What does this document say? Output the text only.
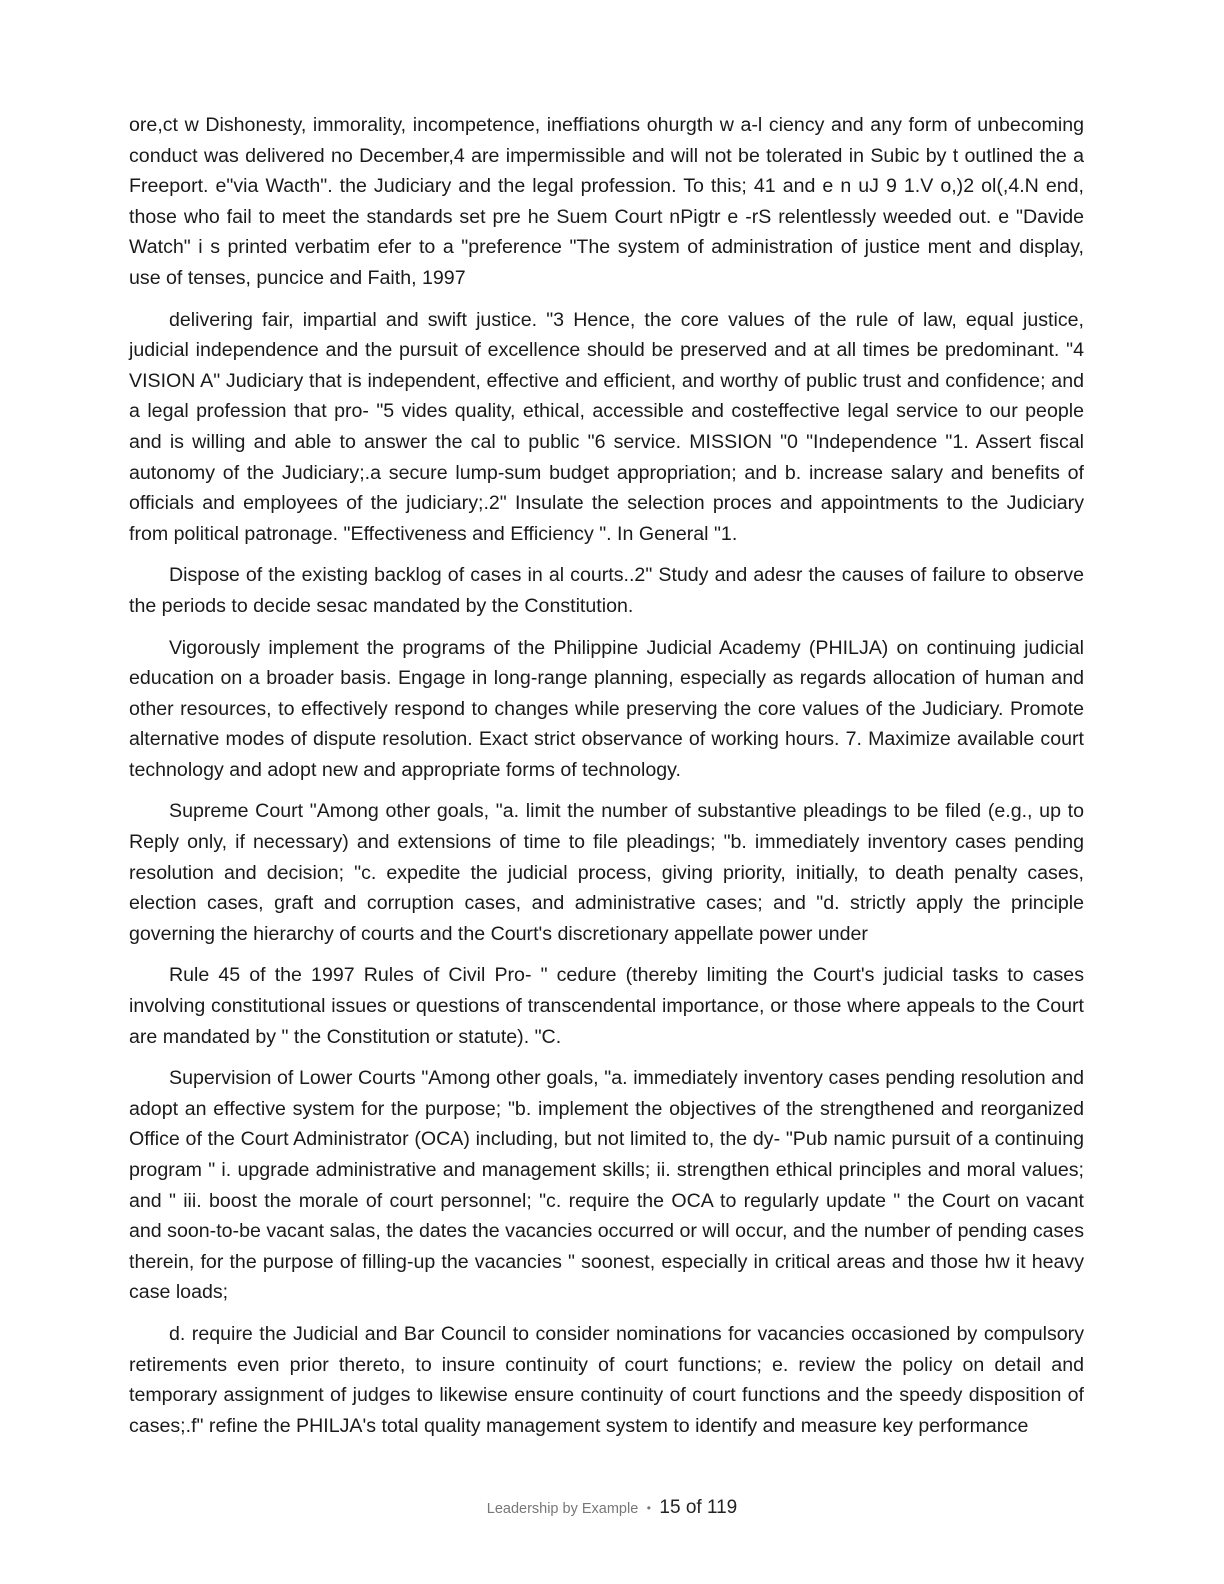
ore,ct w Dishonesty, immorality, incompetence, ineffiations ohurgth w a-l ciency and any form of unbecoming conduct was delivered no December,4 are impermissible and will not be tolerated in Subic by t outlined the a Freeport. e"via Wacth". the Judiciary and the legal profession. To this; 41 and e n uJ 9 1.V o,)2 ol(,4.N end, those who fail to meet the standards set pre he Suem Court nPigtr e -rS relentlessly weeded out. e "Davide Watch" i s printed verbatim efer to a "preference "The system of administration of justice ment and display, use of tenses, puncice and Faith, 1997

delivering fair, impartial and swift justice. "3 Hence, the core values of the rule of law, equal justice, judicial independence and the pursuit of excellence should be preserved and at all times be predominant. "4 VISION A" Judiciary that is independent, effective and efficient, and worthy of public trust and confidence; and a legal profession that pro- "5 vides quality, ethical, accessible and costeffective legal service to our people and is willing and able to answer the cal to public "6 service. MISSION "0 "Independence "1. Assert fiscal autonomy of the Judiciary;.a secure lump-sum budget appropriation; and b. increase salary and benefits of officials and employees of the judiciary;.2" Insulate the selection proces and appointments to the Judiciary from political patronage. "Effectiveness and Efficiency ". In General "1.

Dispose of the existing backlog of cases in al courts..2" Study and adesr the causes of failure to observe the periods to decide sesac mandated by the Constitution.

Vigorously implement the programs of the Philippine Judicial Academy (PHILJA) on continuing judicial education on a broader basis. Engage in long-range planning, especially as regards allocation of human and other resources, to effectively respond to changes while preserving the core values of the Judiciary. Promote alternative modes of dispute resolution. Exact strict observance of working hours. 7. Maximize available court technology and adopt new and appropriate forms of technology.

Supreme Court "Among other goals, "a. limit the number of substantive pleadings to be filed (e.g., up to Reply only, if necessary) and extensions of time to file pleadings; "b. immediately inventory cases pending resolution and decision; "c. expedite the judicial process, giving priority, initially, to death penalty cases, election cases, graft and corruption cases, and administrative cases; and "d. strictly apply the principle governing the hierarchy of courts and the Court's discretionary appellate power under

Rule 45 of the 1997 Rules of Civil Pro- " cedure (thereby limiting the Court's judicial tasks to cases involving constitutional issues or questions of transcendental importance, or those where appeals to the Court are mandated by " the Constitution or statute). "C.

Supervision of Lower Courts "Among other goals, "a. immediately inventory cases pending resolution and adopt an effective system for the purpose; "b. implement the objectives of the strengthened and reorganized Office of the Court Administrator (OCA) including, but not limited to, the dy- "Pub namic pursuit of a continuing program " i. upgrade administrative and management skills; ii. strengthen ethical principles and moral values; and " iii. boost the morale of court personnel; "c. require the OCA to regularly update " the Court on vacant and soon-to-be vacant salas, the dates the vacancies occurred or will occur, and the number of pending cases therein, for the purpose of filling-up the vacancies " soonest, especially in critical areas and those hw it heavy case loads;

d. require the Judicial and Bar Council to consider nominations for vacancies occasioned by compulsory retirements even prior thereto, to insure continuity of court functions; e. review the policy on detail and temporary assignment of judges to likewise ensure continuity of court functions and the speedy disposition of cases;.f" refine the PHILJA's total quality management system to identify and measure key performance

Leadership by Example • 15 of 119
